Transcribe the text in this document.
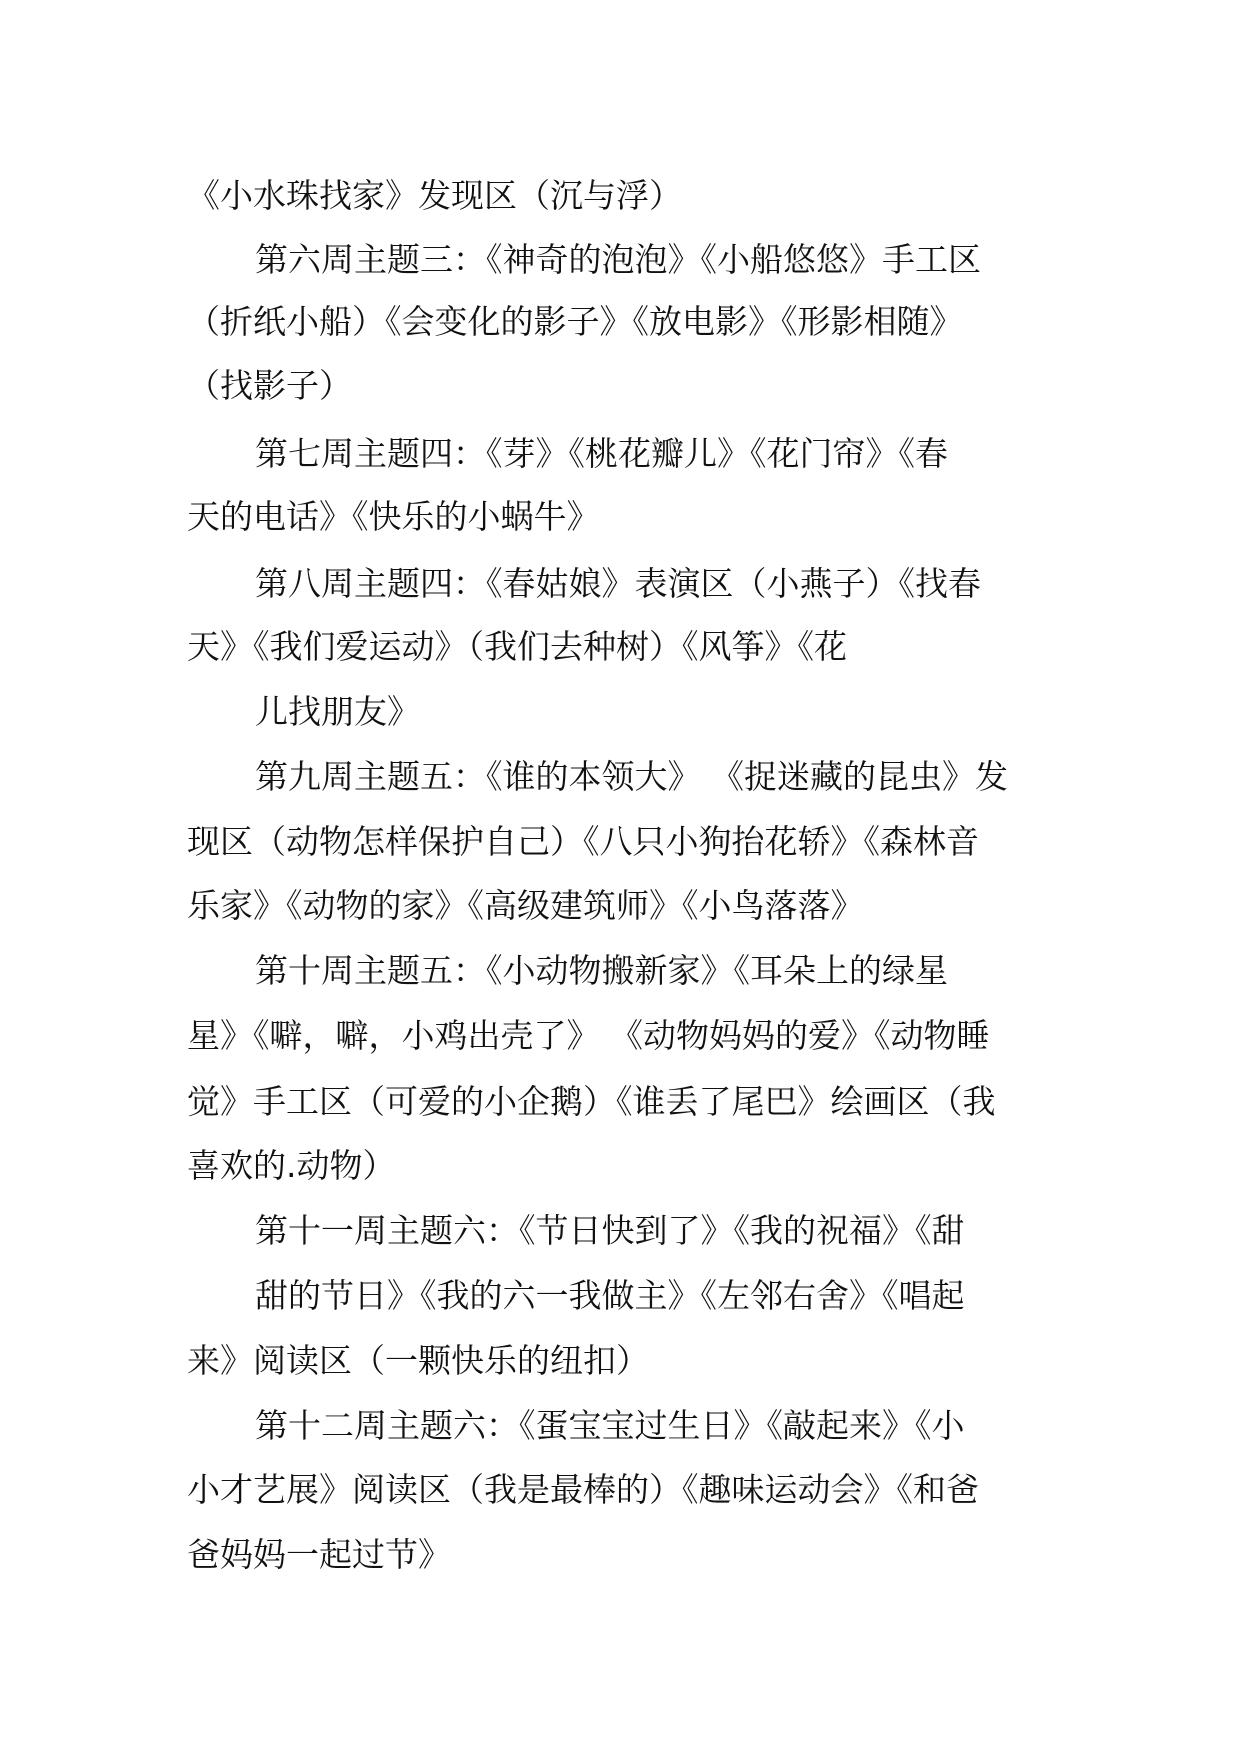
《小水珠找家》发现区（沉与浮）
第六周主题三：《神奇的泡泡》《小船悠悠》手工区
（折纸小船）《会变化的影子》《放电影》《形影相随》
（找影子）
第七周主题四：《芽》《桃花瓣儿》《花门帘》《春
天的电话》《快乐的小蜗牛》
第八周主题四：《春姑娘》表演区（小燕子）《找春
天》《我们爱运动》（我们去种树）《风筝》《花
儿找朋友》
第九周主题五：《谁的本领大》 《捉迷藏的昆虫》发
现区（动物怎样保护自己）《八只小狗抬花轿》《森林音
乐家》《动物的家》《高级建筑师》《小鸟落落》
第十周主题五：《小动物搬新家》《耳朵上的绿星
星》《噼，噼，小鸡出壳了》 《动物妈妈的爱》《动物睡
觉》手工区（可爱的小企鹅）《谁丢了尾巴》绘画区（我
喜欢的.动物）
第十一周主题六：《节日快到了》《我的祝福》《甜
甜的节日》《我的六一我做主》《左邻右舍》《唱起
来》阅读区（一颗快乐的纽扣）
第十二周主题六：《蛋宝宝过生日》《敲起来》《小
小才艺展》阅读区（我是最棒的）《趣味运动会》《和爸
爸妈妈一起过节》
